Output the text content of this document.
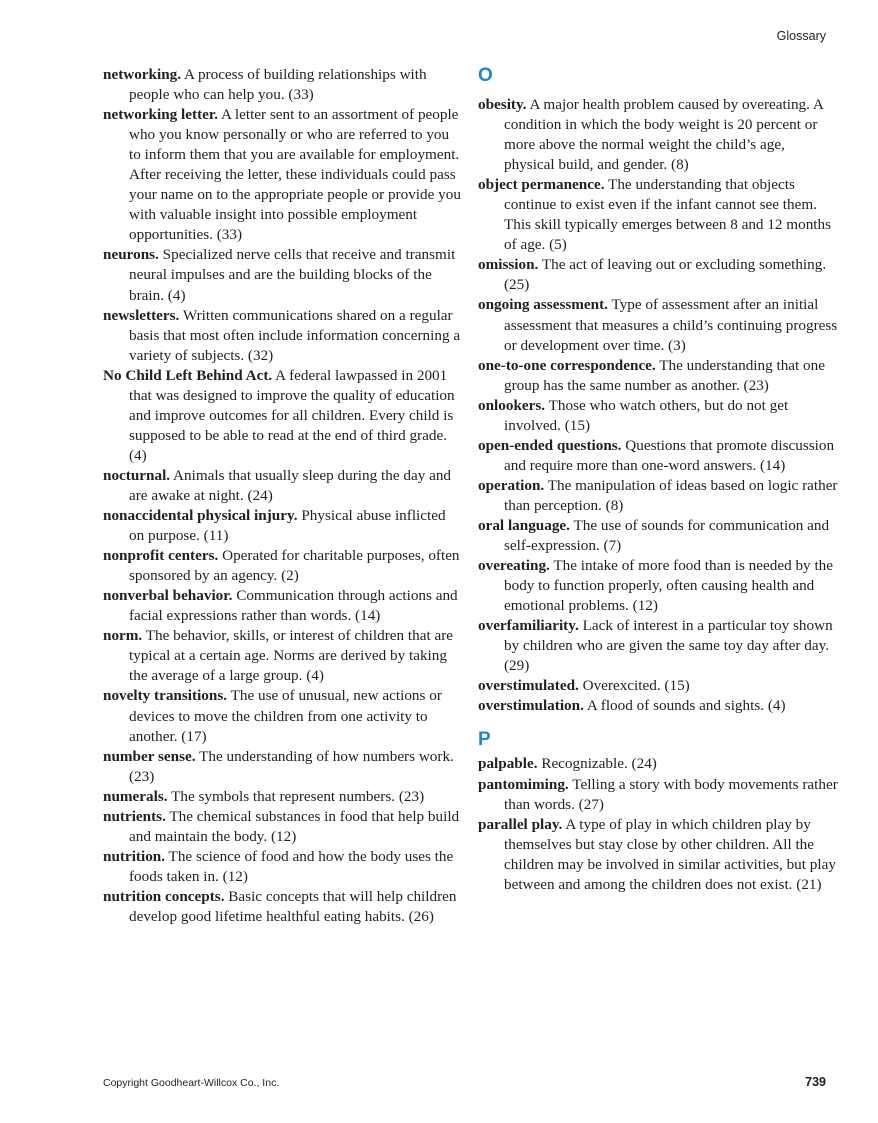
Glossary

networking. A process of building relationships with people who can help you. (33)

networking letter. A letter sent to an assortment of people who you know personally or who are referred to you to inform them that you are available for employment. After receiving the letter, these individuals could pass your name on to the appropriate people or provide you with valuable insight into possible employment opportunities. (33)

neurons. Specialized nerve cells that receive and transmit neural impulses and are the building blocks of the brain. (4)

newsletters. Written communications shared on a regular basis that most often include information concerning a variety of subjects. (32)

No Child Left Behind Act. A federal lawpassed in 2001 that was designed to improve the quality of education and improve outcomes for all children. Every child is supposed to be able to read at the end of third grade. (4)

nocturnal. Animals that usually sleep during the day and are awake at night. (24)

nonaccidental physical injury. Physical abuse inflicted on purpose. (11)

nonprofit centers. Operated for charitable purposes, often sponsored by an agency. (2)

nonverbal behavior. Communication through actions and facial expressions rather than words. (14)

norm. The behavior, skills, or interest of children that are typical at a certain age. Norms are derived by taking the average of a large group. (4)

novelty transitions. The use of unusual, new actions or devices to move the children from one activity to another. (17)

number sense. The understanding of how numbers work. (23)

numerals. The symbols that represent numbers. (23)

nutrients. The chemical substances in food that help build and maintain the body. (12)

nutrition. The science of food and how the body uses the foods taken in. (12)

nutrition concepts. Basic concepts that will help children develop good lifetime healthful eating habits. (26)

O

obesity. A major health problem caused by overeating. A condition in which the body weight is 20 percent or more above the normal weight the child’s age, physical build, and gender. (8)

object permanence. The understanding that objects continue to exist even if the infant cannot see them. This skill typically emerges between 8 and 12 months of age. (5)

omission. The act of leaving out or excluding something. (25)

ongoing assessment. Type of assessment after an initial assessment that measures a child’s continuing progress or development over time. (3)

one-to-one correspondence. The understanding that one group has the same number as another. (23)

onlookers. Those who watch others, but do not get involved. (15)

open-ended questions. Questions that promote discussion and require more than one-word answers. (14)

operation. The manipulation of ideas based on logic rather than perception. (8)

oral language. The use of sounds for communication and self-expression. (7)

overeating. The intake of more food than is needed by the body to function properly, often causing health and emotional problems. (12)

overfamiliarity. Lack of interest in a particular toy shown by children who are given the same toy day after day. (29)

overstimulated. Overexcited. (15)

overstimulation. A flood of sounds and sights. (4)

P

palpable. Recognizable. (24)

pantomiming. Telling a story with body movements rather than words. (27)

parallel play. A type of play in which children play by themselves but stay close by other children. All the children may be involved in similar activities, but play between and among the children does not exist. (21)

Copyright Goodheart-Willcox Co., Inc.	739
